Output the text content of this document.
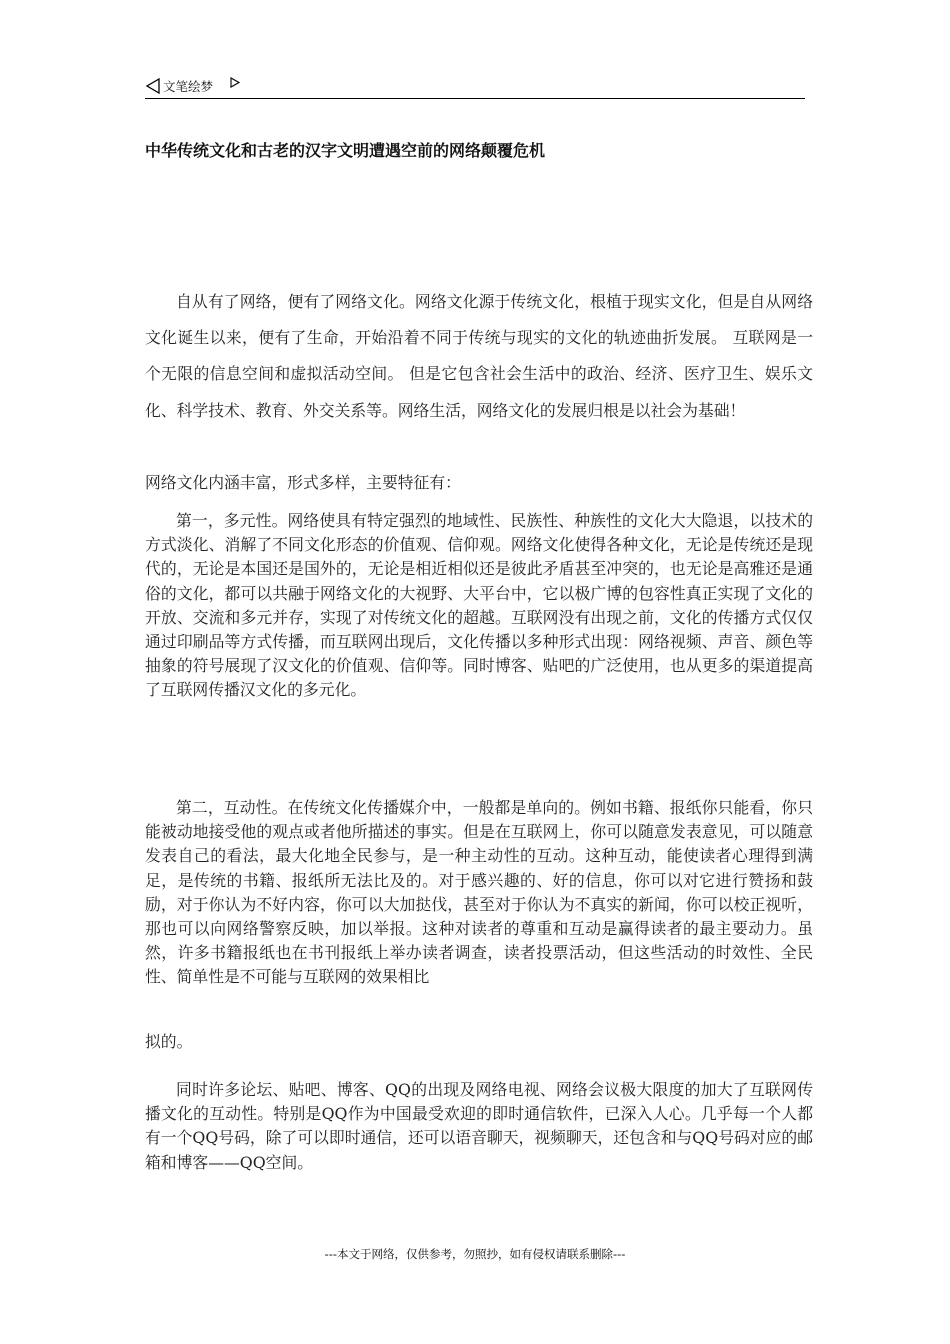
文笔绘梦
中华传统文化和古老的汉字文明遭遇空前的网络颠覆危机

自从有了网络，便有了网络文化。网络文化源于传统文化，根植于现实文化，但是自从网络文化诞生以来，便有了生命，开始沿着不同于传统与现实的文化的轨迹曲折发展。 互联网是一个无限的信息空间和虚拟活动空间。 但是它包含社会生活中的政治、经济、医疗卫生、娱乐文化、科学技术、教育、外交关系等。网络生活，网络文化的发展归根是以社会为基础！

网络文化内涵丰富，形式多样，主要特征有：

第一，多元性。网络使具有特定强烈的地域性、民族性、种族性的文化大大隐退，以技术的方式淡化、消解了不同文化形态的价值观、信仰观。网络文化使得各种文化，无论是传统还是现代的，无论是本国还是国外的，无论是相近相似还是彼此矛盾甚至冲突的，也无论是高雅还是通俗的文化，都可以共融于网络文化的大视野、大平台中，它以极广博的包容性真正实现了文化的开放、交流和多元并存，实现了对传统文化的超越。互联网没有出现之前，文化的传播方式仅仅通过印刷品等方式传播，而互联网出现后，文化传播以多种形式出现：网络视频、声音、颜色等抽象的符号展现了汉文化的价值观、信仰等。同时博客、贴吧的广泛使用，也从更多的渠道提高了互联网传播汉文化的多元化。

第二，互动性。在传统文化传播媒介中，一般都是单向的。例如书籍、报纸你只能看，你只能被动地接受他的观点或者他所描述的事实。但是在互联网上，你可以随意发表意见，可以随意发表自己的看法，最大化地全民参与，是一种主动性的互动。这种互动，能使读者心理得到满足，是传统的书籍、报纸所无法比及的。对于感兴趣的、好的信息，你可以对它进行赞扬和鼓励，对于你认为不好内容，你可以大加挞伐，甚至对于你认为不真实的新闻，你可以校正视听，那也可以向网络警察反映，加以举报。这种对读者的尊重和互动是赢得读者的最主要动力。虽然，许多书籍报纸也在书刊报纸上举办读者调查，读者投票活动，但这些活动的时效性、全民性、简单性是不可能与互联网的效果相比

拟的。

同时许多论坛、贴吧、博客、QQ的出现及网络电视、网络会议极大限度的加大了互联网传播文化的互动性。特别是QQ作为中国最受欢迎的即时通信软件，已深入人心。几乎每一个人都有一个QQ号码，除了可以即时通信，还可以语音聊天，视频聊天，还包含和与QQ号码对应的邮箱和博客——QQ空间。

---本文于网络，仅供参考，勿照抄，如有侵权请联系删除---
